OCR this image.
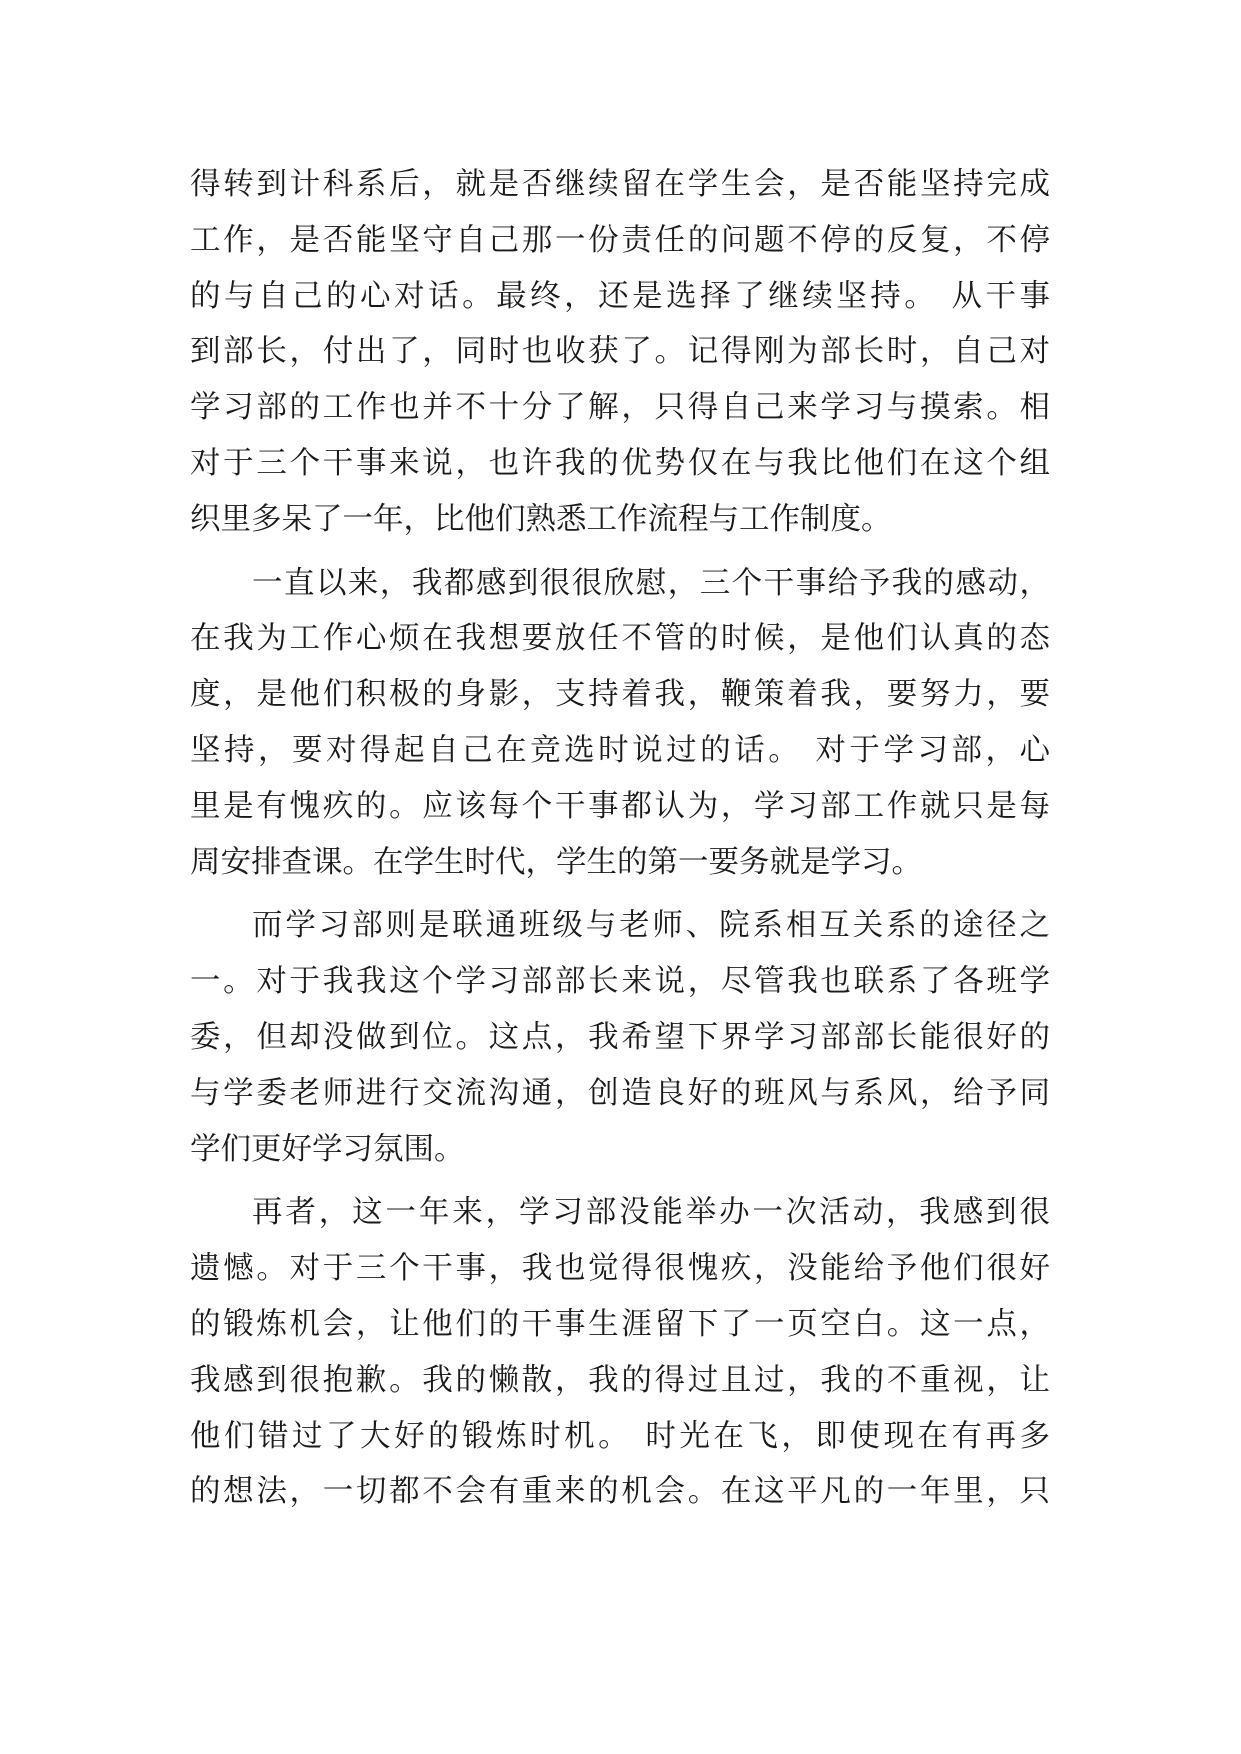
得转到计科系后，就是否继续留在学生会，是否能坚持完成
工作，是否能坚守自己那一份责任的问题不停的反复，不停
的与自己的心对话。最终，还是选择了继续坚持。 从干事
到部长，付出了，同时也收获了。记得刚为部长时，自己对
学习部的工作也并不十分了解，只得自己来学习与摸索。相
对于三个干事来说，也许我的优势仅在与我比他们在这个组
织里多呆了一年，比他们熟悉工作流程与工作制度。
一直以来，我都感到很很欣慰，三个干事给予我的感动，
在我为工作心烦在我想要放任不管的时候，是他们认真的态
度，是他们积极的身影，支持着我，鞭策着我，要努力，要
坚持，要对得起自己在竞选时说过的话。 对于学习部，心
里是有愧疚的。应该每个干事都认为，学习部工作就只是每
周安排查课。在学生时代，学生的第一要务就是学习。
而学习部则是联通班级与老师、院系相互关系的途径之
一。对于我我这个学习部部长来说，尽管我也联系了各班学
委，但却没做到位。这点，我希望下界学习部部长能很好的
与学委老师进行交流沟通，创造良好的班风与系风，给予同
学们更好学习氛围。
再者，这一年来，学习部没能举办一次活动，我感到很
遗憾。对于三个干事，我也觉得很愧疚，没能给予他们很好
的锻炼机会，让他们的干事生涯留下了一页空白。这一点，
我感到很抱歉。我的懒散，我的得过且过，我的不重视，让
他们错过了大好的锻炼时机。 时光在飞，即使现在有再多
的想法，一切都不会有重来的机会。在这平凡的一年里，只
